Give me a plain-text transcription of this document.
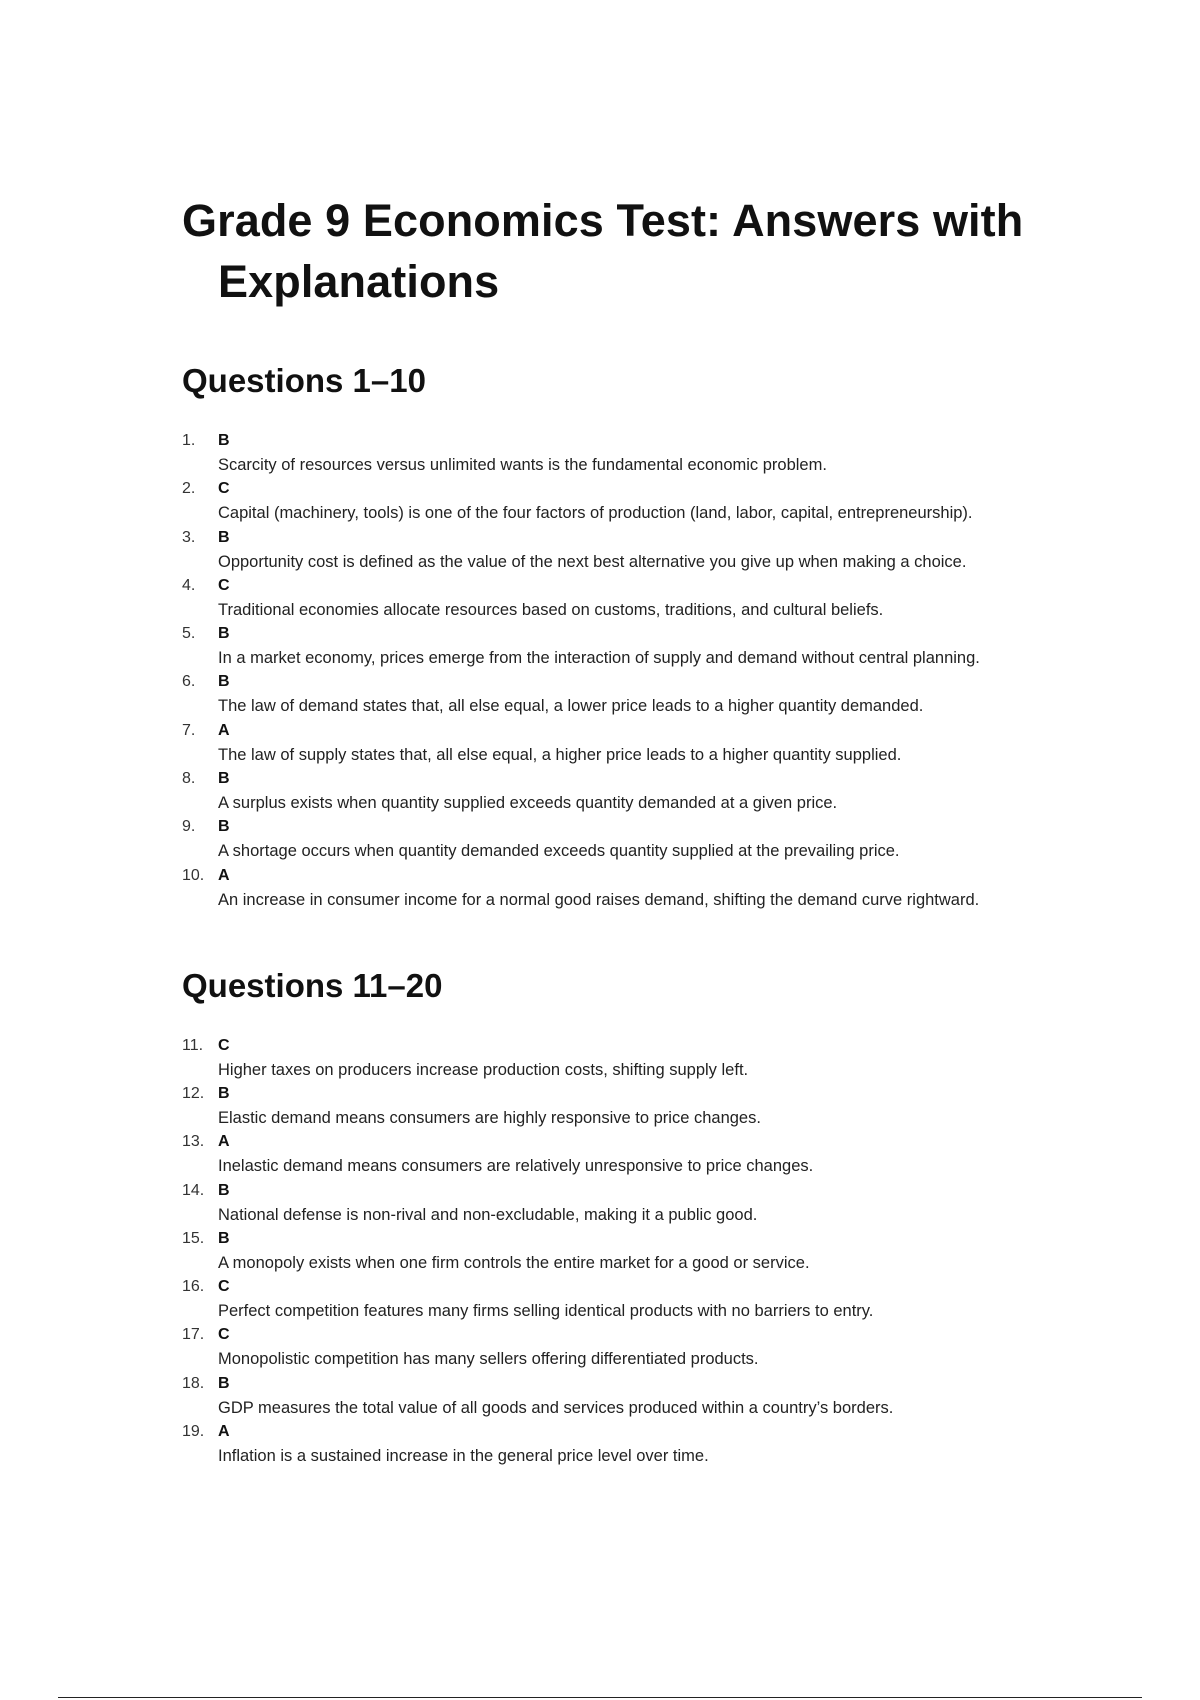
Grade 9 Economics Test: Answers with Explanations
Questions 1–10
1. B
Scarcity of resources versus unlimited wants is the fundamental economic problem.
2. C
Capital (machinery, tools) is one of the four factors of production (land, labor, capital, entrepreneurship).
3. B
Opportunity cost is defined as the value of the next best alternative you give up when making a choice.
4. C
Traditional economies allocate resources based on customs, traditions, and cultural beliefs.
5. B
In a market economy, prices emerge from the interaction of supply and demand without central planning.
6. B
The law of demand states that, all else equal, a lower price leads to a higher quantity demanded.
7. A
The law of supply states that, all else equal, a higher price leads to a higher quantity supplied.
8. B
A surplus exists when quantity supplied exceeds quantity demanded at a given price.
9. B
A shortage occurs when quantity demanded exceeds quantity supplied at the prevailing price.
10. A
An increase in consumer income for a normal good raises demand, shifting the demand curve rightward.
Questions 11–20
11. C
Higher taxes on producers increase production costs, shifting supply left.
12. B
Elastic demand means consumers are highly responsive to price changes.
13. A
Inelastic demand means consumers are relatively unresponsive to price changes.
14. B
National defense is non-rival and non-excludable, making it a public good.
15. B
A monopoly exists when one firm controls the entire market for a good or service.
16. C
Perfect competition features many firms selling identical products with no barriers to entry.
17. C
Monopolistic competition has many sellers offering differentiated products.
18. B
GDP measures the total value of all goods and services produced within a country’s borders.
19. A
Inflation is a sustained increase in the general price level over time.
